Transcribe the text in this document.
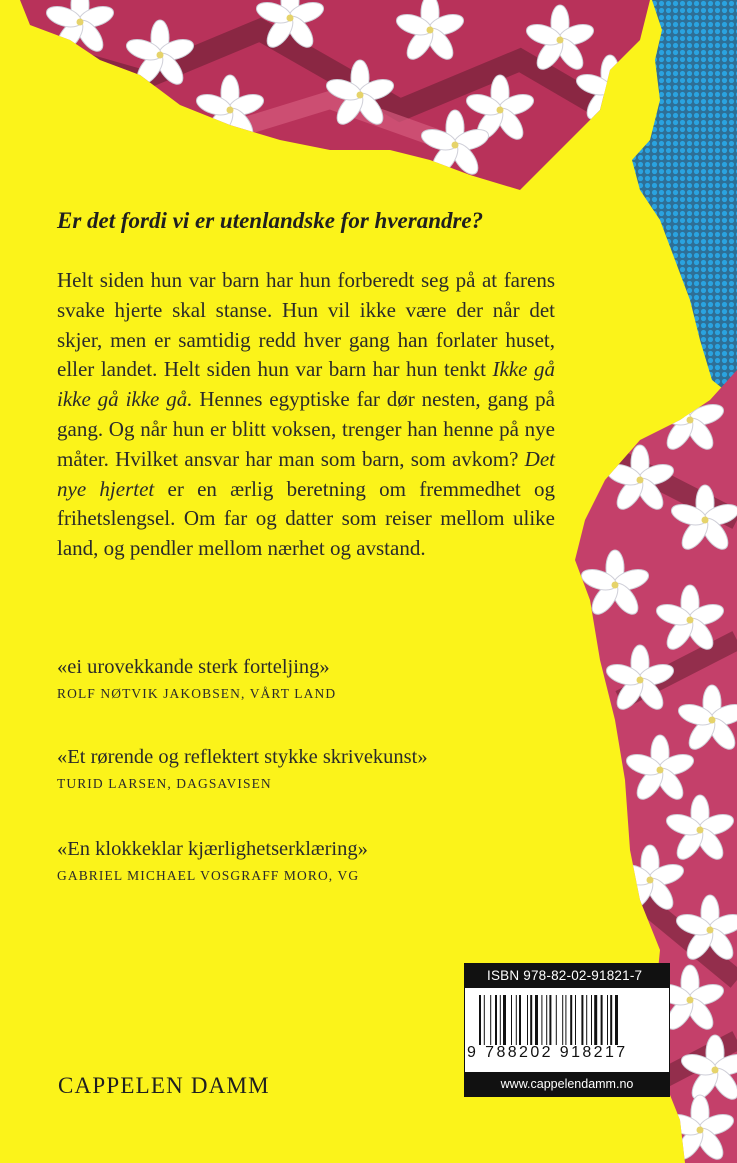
Er det fordi vi er utenlandske for hverandre?

Helt siden hun var barn har hun forberedt seg på at farens svake hjerte skal stanse. Hun vil ikke være der når det skjer, men er samtidig redd hver gang han forlater huset, eller landet. Helt siden hun var barn har hun tenkt Ikke gå ikke gå ikke gå. Hennes egyptiske far dør nesten, gang på gang. Og når hun er blitt voksen, trenger han henne på nye måter. Hvilket ansvar har man som barn, som avkom? Det nye hjertet er en ærlig beretning om fremmedhet og frihetslengsel. Om far og datter som reiser mellom ulike land, og pendler mellom nærhet og avstand.

«ei urovekkande sterk forteljing»
ROLF NØTVIK JAKOBSEN, VÅRT LAND
«Et rørende og reflektert stykke skrivekunst»
TURID LARSEN, DAGSAVISEN
«En klokkeklar kjærlighetserklæring»
GABRIEL MICHAEL VOSGRAFF MORO, VG

CAPPELEN DAMM

ISBN 978-82-02-91821-7
9 788202 918217
www.cappelendamm.no
